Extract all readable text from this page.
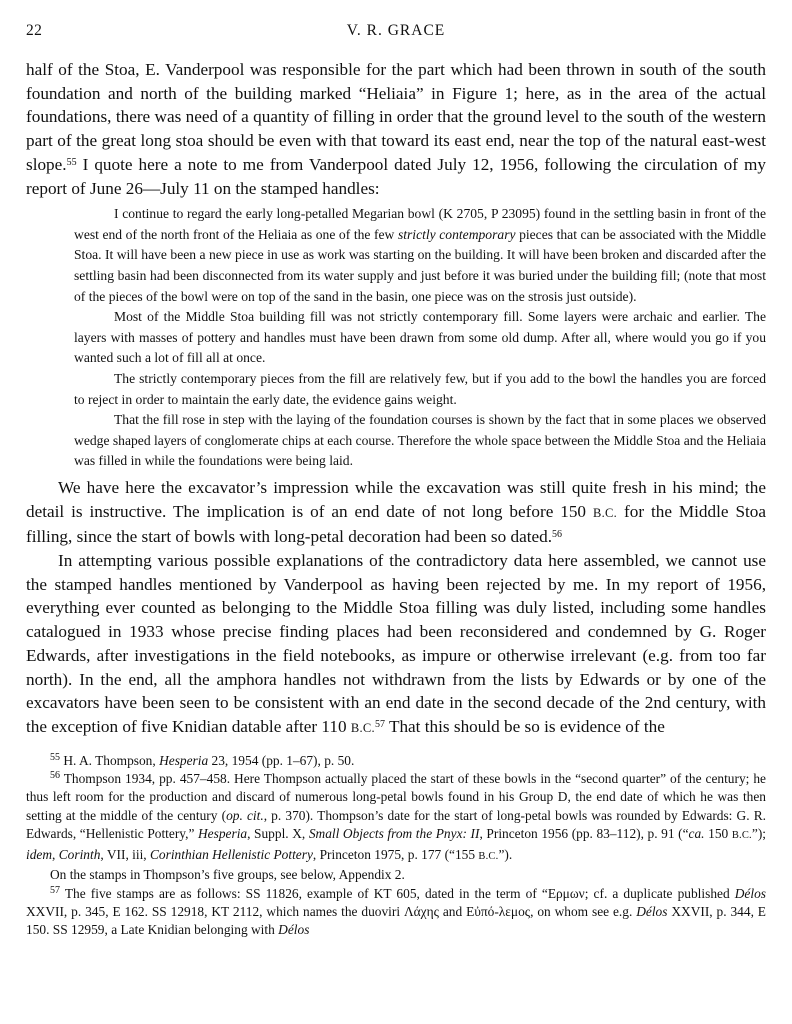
22	V. R. GRACE

half of the Stoa, E. Vanderpool was responsible for the part which had been thrown in south of the south foundation and north of the building marked “Heliaia” in Figure 1; here, as in the area of the actual foundations, there was need of a quantity of filling in order that the ground level to the south of the western part of the great long stoa should be even with that toward its east end, near the top of the natural east-west slope.$^{55}$ I quote here a note to me from Vanderpool dated July 12, 1956, following the circulation of my report of June 26—July 11 on the stamped handles:

I continue to regard the early long-petalled Megarian bowl (K 2705, P 23095) found in the settling basin in front of the west end of the north front of the Heliaia as one of the few strictly contemporary pieces that can be associated with the Middle Stoa. It will have been a new piece in use as work was starting on the building. It will have been broken and discarded after the settling basin had been disconnected from its water supply and just before it was buried under the building fill; (note that most of the pieces of the bowl were on top of the sand in the basin, one piece was on the strosis just outside).

Most of the Middle Stoa building fill was not strictly contemporary fill. Some layers were archaic and earlier. The layers with masses of pottery and handles must have been drawn from some old dump. After all, where would you go if you wanted such a lot of fill all at once.

The strictly contemporary pieces from the fill are relatively few, but if you add to the bowl the handles you are forced to reject in order to maintain the early date, the evidence gains weight.

That the fill rose in step with the laying of the foundation courses is shown by the fact that in some places we observed wedge shaped layers of conglomerate chips at each course. Therefore the whole space between the Middle Stoa and the Heliaia was filled in while the foundations were being laid.

We have here the excavator’s impression while the excavation was still quite fresh in his mind; the detail is instructive. The implication is of an end date of not long before 150 B.C. for the Middle Stoa filling, since the start of bowls with long-petal decoration had been so dated.$^{56}$

In attempting various possible explanations of the contradictory data here assembled, we cannot use the stamped handles mentioned by Vanderpool as having been rejected by me. In my report of 1956, everything ever counted as belonging to the Middle Stoa filling was duly listed, including some handles catalogued in 1933 whose precise finding places had been reconsidered and condemned by G. Roger Edwards, after investigations in the field notebooks, as impure or otherwise irrelevant (e.g. from too far north). In the end, all the amphora handles not withdrawn from the lists by Edwards or by one of the excavators have been seen to be consistent with an end date in the second decade of the 2nd century, with the exception of five Knidian datable after 110 B.C.$^{57}$ That this should be so is evidence of the

$^{55}$ H. A. Thompson, Hesperia 23, 1954 (pp. 1–67), p. 50.

$^{56}$ Thompson 1934, pp. 457–458. Here Thompson actually placed the start of these bowls in the “second quarter” of the century; he thus left room for the production and discard of numerous long-petal bowls found in his Group D, the end date of which he was then setting at the middle of the century (op. cit., p. 370). Thompson’s date for the start of long-petal bowls was rounded by Edwards: G. R. Edwards, “Hellenistic Pottery,” Hesperia, Suppl. X, Small Objects from the Pnyx: II, Princeton 1956 (pp. 83–112), p. 91 (“ca. 150 B.C.”); idem, Corinth, VII, iii, Corinthian Hellenistic Pottery, Princeton 1975, p. 177 (“155 B.C.”).

On the stamps in Thompson’s five groups, see below, Appendix 2.

$^{57}$ The five stamps are as follows: SS 11826, example of KT 605, dated in the term of “Ερμων; cf. a duplicate published Délos XXVII, p. 345, E 162. SS 12918, KT 2112, which names the duoviri Λάχης and Εὐπό-λεμος, on whom see e.g. Délos XXVII, p. 344, E 150. SS 12959, a Late Knidian belonging with Délos
